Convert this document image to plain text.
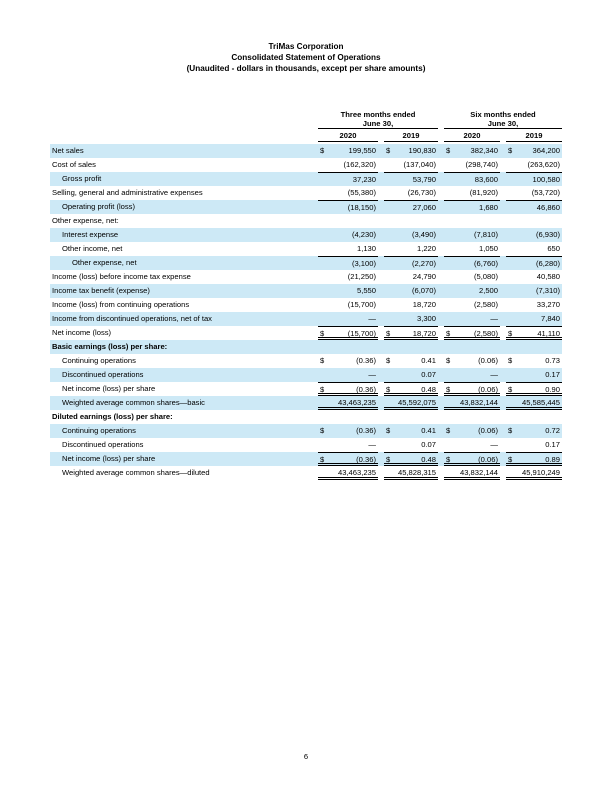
TriMas Corporation
Consolidated Statement of Operations
(Unaudited - dollars in thousands, except per share amounts)
Three months ended
June 30,
Six months ended
June 30,
2020	2019	2020	2019
Net sales	$	199,550 $ 190,830 $	382,340 $	364,200
Cost of sales	(162,320)	(137,040)	(298,740)	(263,620)
Gross profit	37,230	53,790	83,600	100,580
Selling, general and administrative expenses	(55,380)	(26,730)	(81,920)	(53,720)
Operating profit (loss)	(18,150)	27,060	1,680	46,860
Other expense, net:
Interest expense	(4,230)	(3,490)	(7,810)	(6,930)
Other income, net	1,130	1,220	1,050	650
Other expense, net	(3,100)	(2,270)	(6,760)	(6,280)
Income (loss) before income tax expense	(21,250)	24,790	(5,080)	40,580
Income tax benefit (expense)	5,550	(6,070)	2,500	(7,310)
Income (loss) from continuing operations	(15,700)	18,720	(2,580)	33,270
Income from discontinued operations, net of tax	—	3,300	—	7,840
Net income (loss)	$	(15,700) $	18,720 $	(2,580) $	41,110
Basic earnings (loss) per share:
Continuing operations	$	(0.36) $	0.41 $	(0.06) $	0.73
Discontinued operations	—	0.07	—	0.17
Net income (loss) per share	$	(0.36) $	0.48 $	(0.06) $	0.90
Weighted average common shares—basic	43,463,235	45,592,075	43,832,144	45,585,445
Diluted earnings (loss) per share:
Continuing operations	$	(0.36) $	0.41 $	(0.06) $	0.72
Discontinued operations	—	0.07	—	0.17
Net income (loss) per share	$	(0.36) $	0.48 $	(0.06) $	0.89
Weighted average common shares—diluted	43,463,235	45,828,315	43,832,144	45,910,249
6
